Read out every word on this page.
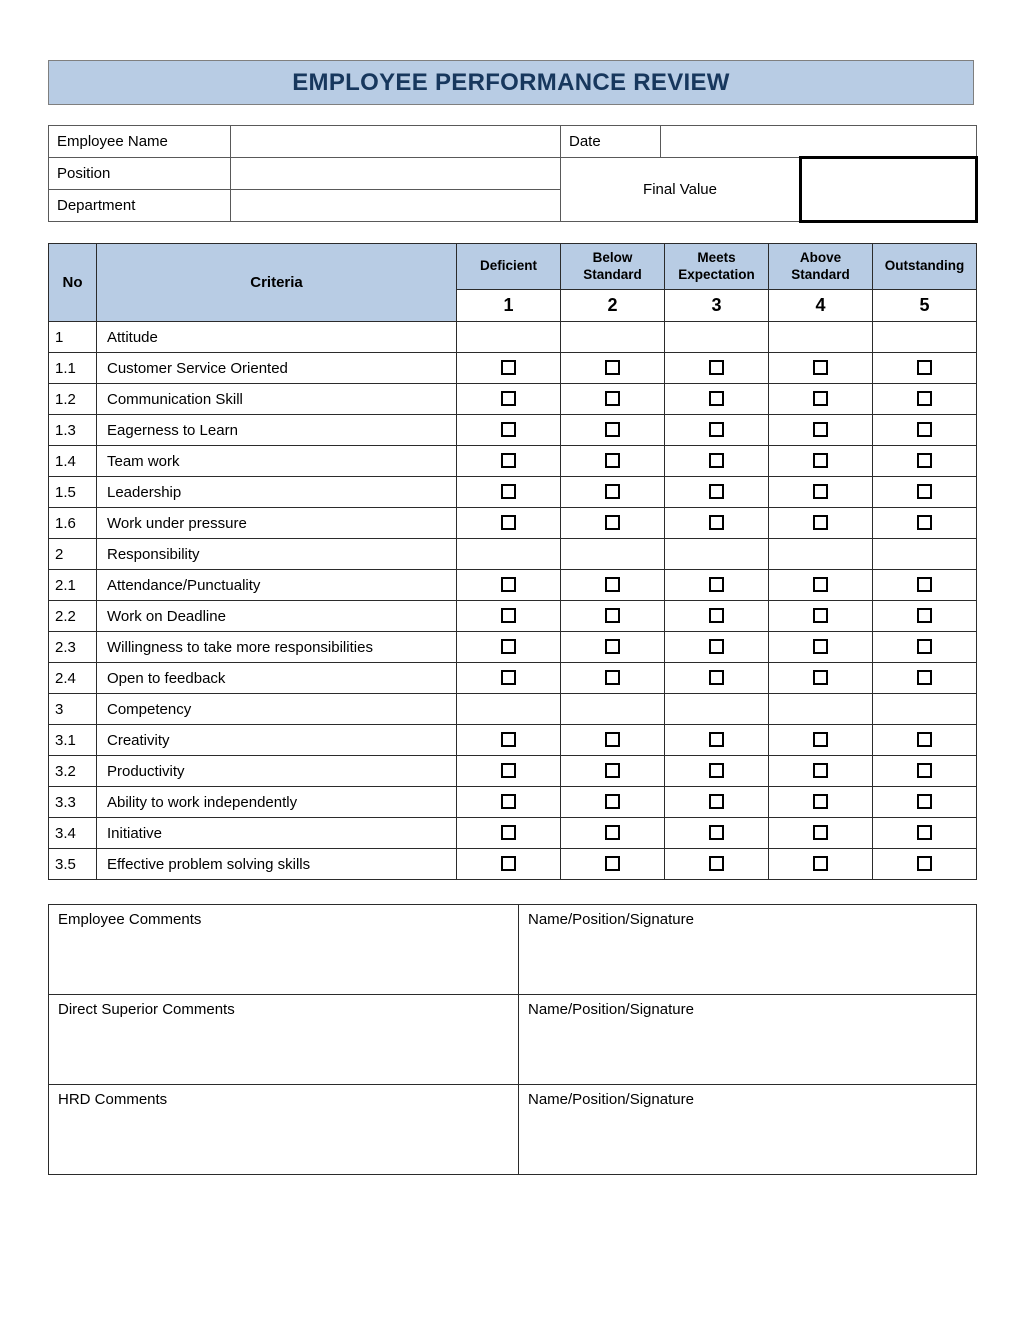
EMPLOYEE PERFORMANCE REVIEW
Employee Name		Date		
Position		Final Value		
Department				
No	Criteria	Deficient	Below Standard	Meets Expectation	Above Standard	Outstanding
		1	2	3	4	5
1	Attitude					
1.1	Customer Service Oriented					
1.2	Communication Skill					
1.3	Eagerness to Learn					
1.4	Team work					
1.5	Leadership					
1.6	Work under pressure					
2	Responsibility					
2.1	Attendance/Punctuality					
2.2	Work on Deadline					
2.3	Willingness to take more responsibilities					
2.4	Open to feedback					
3	Competency					
3.1	Creativity					
3.2	Productivity					
3.3	Ability to work independently					
3.4	Initiative					
3.5	Effective problem solving skills					
Employee Comments	Name/Position/Signature
Direct Superior Comments	Name/Position/Signature
HRD Comments	Name/Position/Signature
